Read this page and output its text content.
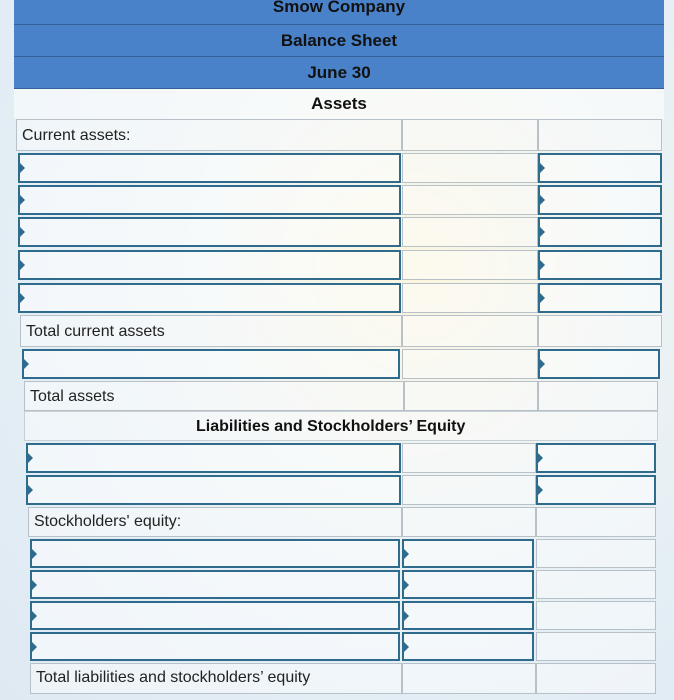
Smow Company
Balance Sheet
June 30
Assets
Current assets:
Total current assets
Total assets
Liabilities and Stockholders’ Equity
Stockholders' equity:
Total liabilities and stockholders’ equity
